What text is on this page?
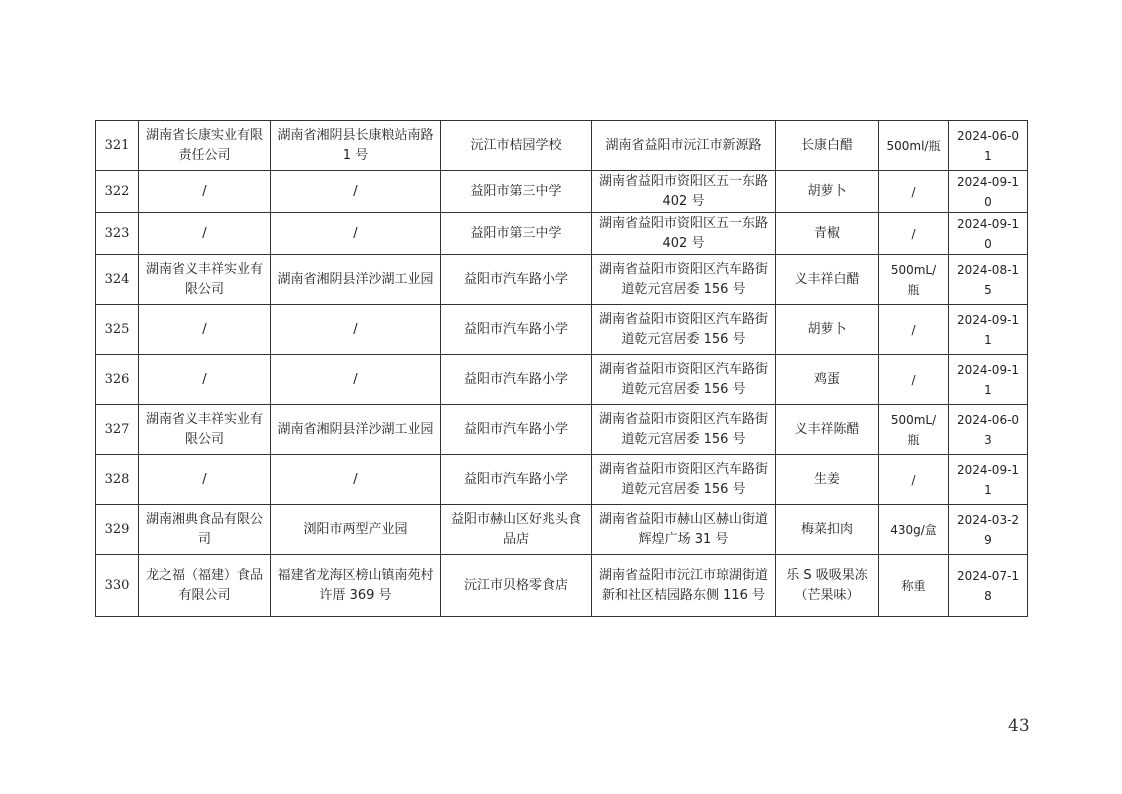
321	湖南省长康实业有限责任公司	湖南省湘阴县长康粮站南路 1 号	沅江市桔园学校	湖南省益阳市沅江市新源路	长康白醋	500ml/瓶	2024-06-01
322	/	/	益阳市第三中学	湖南省益阳市资阳区五一东路 402 号	胡萝卜	/	2024-09-10
323	/	/	益阳市第三中学	湖南省益阳市资阳区五一东路 402 号	青椒	/	2024-09-10
324	湖南省义丰祥实业有限公司	湖南省湘阴县洋沙湖工业园	益阳市汽车路小学	湖南省益阳市资阳区汽车路街道乾元宫居委 156 号	义丰祥白醋	500mL/瓶	2024-08-15
325	/	/	益阳市汽车路小学	湖南省益阳市资阳区汽车路街道乾元宫居委 156 号	胡萝卜	/	2024-09-11
326	/	/	益阳市汽车路小学	湖南省益阳市资阳区汽车路街道乾元宫居委 156 号	鸡蛋	/	2024-09-11
327	湖南省义丰祥实业有限公司	湖南省湘阴县洋沙湖工业园	益阳市汽车路小学	湖南省益阳市资阳区汽车路街道乾元宫居委 156 号	义丰祥陈醋	500mL/瓶	2024-06-03
328	/	/	益阳市汽车路小学	湖南省益阳市资阳区汽车路街道乾元宫居委 156 号	生姜	/	2024-09-11
329	湖南湘典食品有限公司	浏阳市两型产业园	益阳市赫山区好兆头食品店	湖南省益阳市赫山区赫山街道辉煌广场 31 号	梅菜扣肉	430g/盒	2024-03-29
330	龙之福（福建）食品有限公司	福建省龙海区榜山镇南苑村许厝 369 号	沅江市贝格零食店	湖南省益阳市沅江市琼湖街道新和社区桔园路东侧 116 号	乐 S 吸吸果冻（芒果味）	称重	2024-07-18
43
